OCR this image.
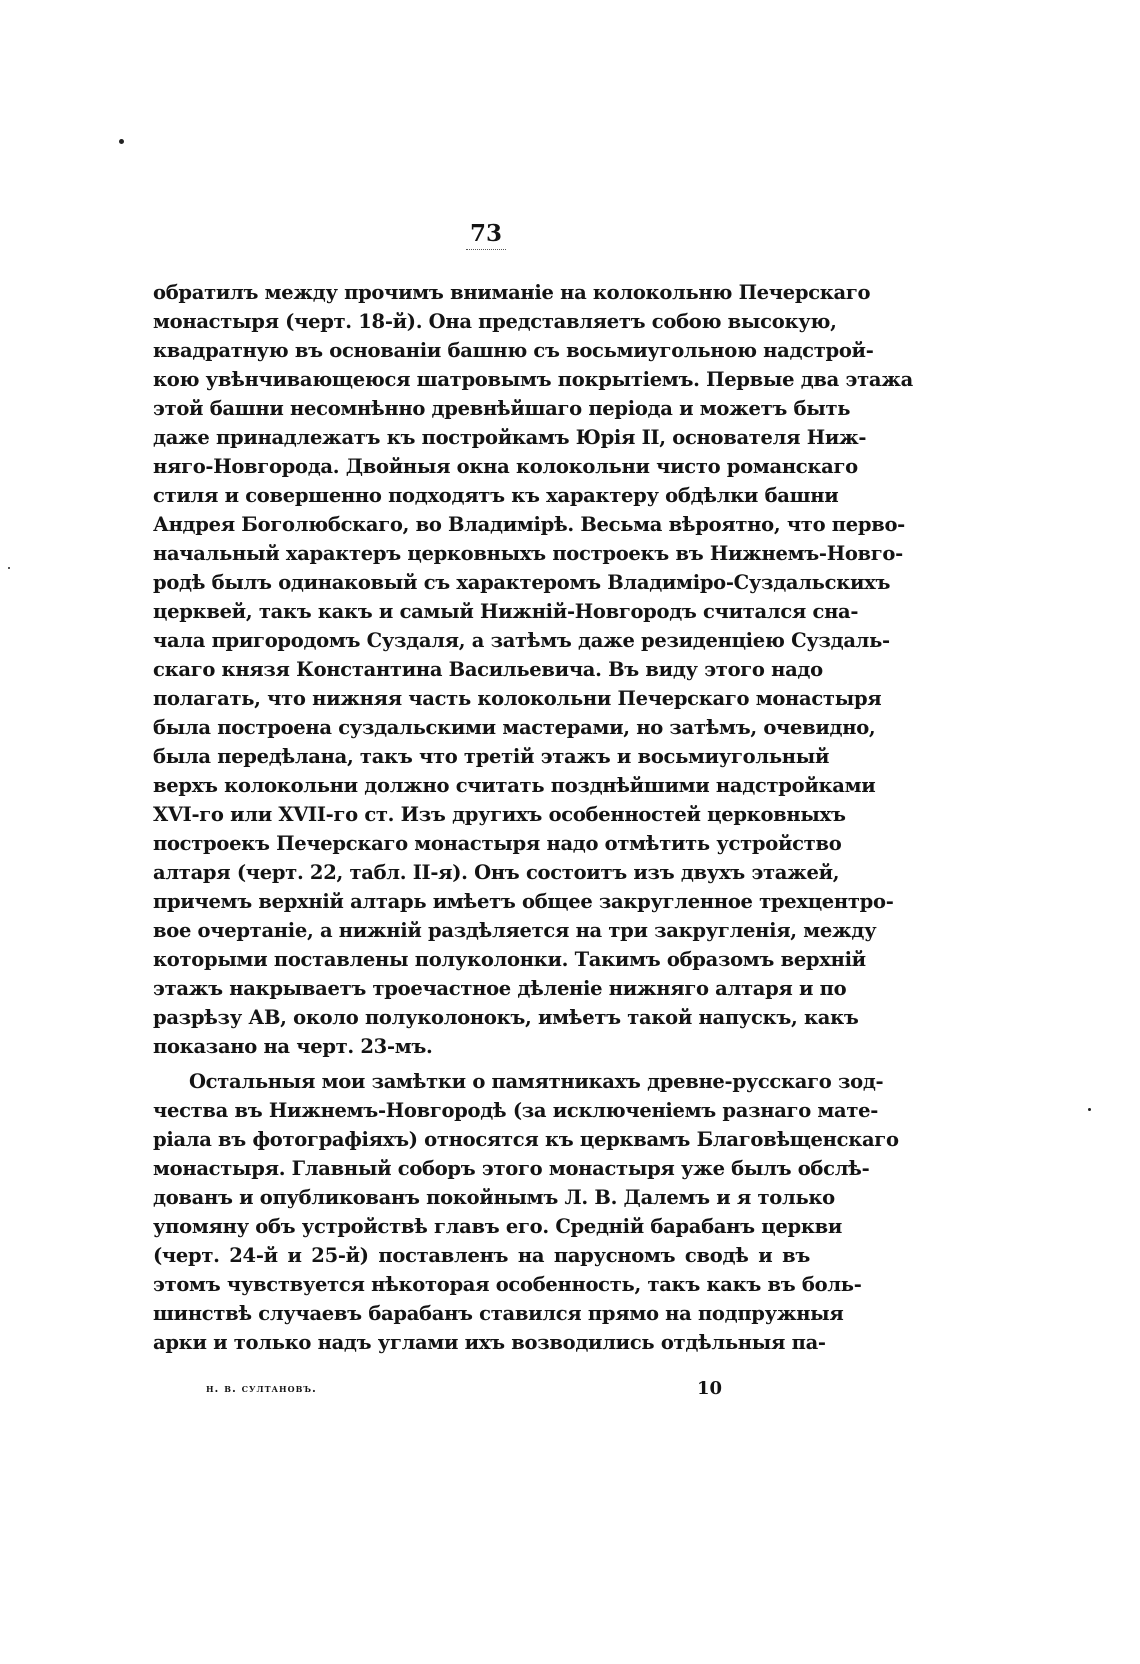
73
обратилъ между прочимъ вниманіе на колокольню Печерскаго
монастыря (черт. 18-й). Она представляетъ собою высокую,
квадратную въ основаніи башню съ восьмиугольною надстрой-
кою увѣнчивающеюся шатровымъ покрытіемъ. Первые два этажа
этой башни несомнѣнно древнѣйшаго періода и можетъ быть
даже принадлежатъ къ постройкамъ Юрія II, основателя Ниж-
няго-Новгорода. Двойныя окна колокольни чисто романскаго
стиля и совершенно подходятъ къ характеру обдѣлки башни
Андрея Боголюбскаго, во Владимірѣ. Весьма вѣроятно, что перво-
начальный характеръ церковныхъ построекъ въ Нижнемъ-Новго-
родѣ былъ одинаковый съ характеромъ Владиміро-Суздальскихъ
церквей, такъ какъ и самый Нижній-Новгородъ считался сна-
чала пригородомъ Суздаля, а затѣмъ даже резиденціею Суздаль-
скаго князя Константина Васильевича. Въ виду этого надо
полагать, что нижняя часть колокольни Печерскаго монастыря
была построена суздальскими мастерами, но затѣмъ, очевидно,
была передѣлана, такъ что третій этажъ и восьмиугольный
верхъ колокольни должно считать позднѣйшими надстройками
XVI-го или XVII-го ст. Изъ другихъ особенностей церковныхъ
построекъ Печерскаго монастыря надо отмѣтить устройство
алтаря (черт. 22, табл. II-я). Онъ состоитъ изъ двухъ этажей,
причемъ верхній алтарь имѣетъ общее закругленное трехцентро-
вое очертаніе, а нижній раздѣляется на три закругленія, между
которыми поставлены полуколонки. Такимъ образомъ верхній
этажъ накрываетъ троечастное дѣленіе нижняго алтаря и по
разрѣзу АВ, около полуколонокъ, имѣетъ такой напускъ, какъ
показано на черт. 23-мъ.
Остальныя мои замѣтки о памятникахъ древне-русскаго зод-
чества въ Нижнемъ-Новгородѣ (за исключеніемъ разнаго мате-
ріала въ фотографіяхъ) относятся къ церквамъ Благовѣщенскаго
монастыря. Главный соборъ этого монастыря уже былъ обслѣ-
дованъ и опубликованъ покойнымъ Л. В. Далемъ и я только
упомяну объ устройствѣ главъ его. Средній барабанъ церкви
(черт. 24-й и 25-й) поставленъ на парусномъ сводѣ и въ
этомъ чувствуется нѣкоторая особенность, такъ какъ въ боль-
шинствѣ случаевъ барабанъ ставился прямо на подпружныя
арки и только надъ углами ихъ возводились отдѣльныя па-
н. в. султановъ.	10
